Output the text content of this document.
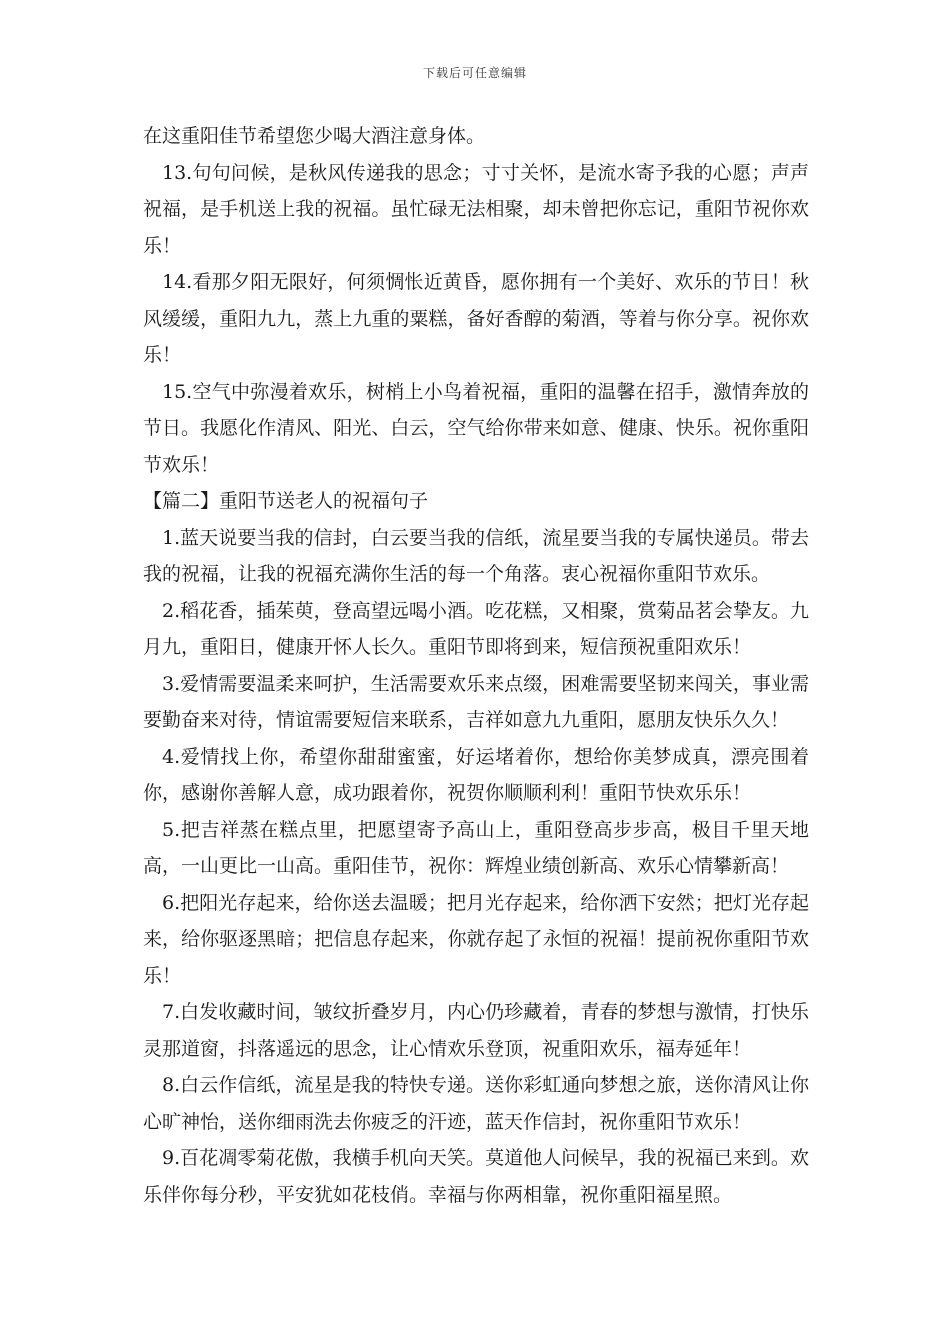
下载后可任意编辑

在这重阳佳节希望您少喝大酒注意身体。

13.句句问候，是秋风传递我的思念；寸寸关怀，是流水寄予我的心愿；声声祝福，是手机送上我的祝福。虽忙碌无法相聚，却未曾把你忘记，重阳节祝你欢乐！

14.看那夕阳无限好，何须惆怅近黄昏，愿你拥有一个美好、欢乐的节日！秋风缓缓，重阳九九，蒸上九重的粟糕，备好香醇的菊酒，等着与你分享。祝你欢乐！

15.空气中弥漫着欢乐，树梢上小鸟着祝福，重阳的温馨在招手，激情奔放的节日。我愿化作清风、阳光、白云，空气给你带来如意、健康、快乐。祝你重阳节欢乐！

【篇二】重阳节送老人的祝福句子

1.蓝天说要当我的信封，白云要当我的信纸，流星要当我的专属快递员。带去我的祝福，让我的祝福充满你生活的每一个角落。衷心祝福你重阳节欢乐。

2.稻花香，插茱萸，登高望远喝小酒。吃花糕，又相聚，赏菊品茗会挚友。九月九，重阳日，健康开怀人长久。重阳节即将到来，短信预祝重阳欢乐！

3.爱情需要温柔来呵护，生活需要欢乐来点缀，困难需要坚韧来闯关，事业需要勤奋来对待，情谊需要短信来联系，吉祥如意九九重阳，愿朋友快乐久久！

4.爱情找上你，希望你甜甜蜜蜜，好运堵着你，想给你美梦成真，漂亮围着你，感谢你善解人意，成功跟着你，祝贺你顺顺利利！重阳节快欢乐乐！

5.把吉祥蒸在糕点里，把愿望寄予高山上，重阳登高步步高，极目千里天地高，一山更比一山高。重阳佳节，祝你：辉煌业绩创新高、欢乐心情攀新高！

6.把阳光存起来，给你送去温暖；把月光存起来，给你洒下安然；把灯光存起来，给你驱逐黑暗；把信息存起来，你就存起了永恒的祝福！提前祝你重阳节欢乐！

7.白发收藏时间，皱纹折叠岁月，内心仍珍藏着，青春的梦想与激情，打快乐灵那道窗，抖落遥远的思念，让心情欢乐登顶，祝重阳欢乐，福寿延年！

8.白云作信纸，流星是我的特快专递。送你彩虹通向梦想之旅，送你清风让你心旷神怡，送你细雨洗去你疲乏的汗迹，蓝天作信封，祝你重阳节欢乐！

9.百花凋零菊花傲，我横手机向天笑。莫道他人问候早，我的祝福已来到。欢乐伴你每分秒，平安犹如花枝俏。幸福与你两相靠，祝你重阳福星照。
